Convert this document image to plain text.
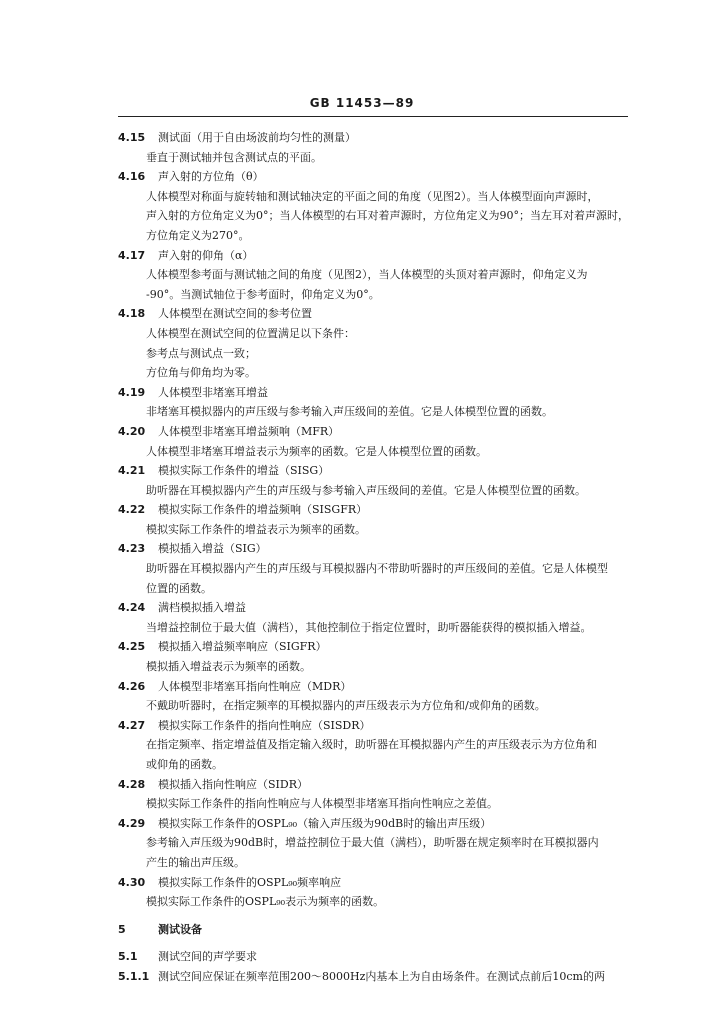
GB 11453—89
4.15 测试面（用于自由场波前均匀性的测量）
垂直于测试轴并包含测试点的平面。
4.16 声入射的方位角（θ）
人体模型对称面与旋转轴和测试轴决定的平面之间的角度（见图2）。当人体模型面向声源时，
声入射的方位角定义为0°；当人体模型的右耳对着声源时，方位角定义为90°；当左耳对着声源时，
方位角定义为270°。
4.17 声入射的仰角（α）
人体模型参考面与测试轴之间的角度（见图2），当人体模型的头顶对着声源时，仰角定义为
-90°。当测试轴位于参考面时，仰角定义为0°。
4.18 人体模型在测试空间的参考位置
人体模型在测试空间的位置满足以下条件：
参考点与测试点一致；
方位角与仰角均为零。
4.19 人体模型非堵塞耳增益
非堵塞耳模拟器内的声压级与参考输入声压级间的差值。它是人体模型位置的函数。
4.20 人体模型非堵塞耳增益频响（MFR）
人体模型非堵塞耳增益表示为频率的函数。它是人体模型位置的函数。
4.21 模拟实际工作条件的增益（SISG）
助听器在耳模拟器内产生的声压级与参考输入声压级间的差值。它是人体模型位置的函数。
4.22 模拟实际工作条件的增益频响（SISGFR）
模拟实际工作条件的增益表示为频率的函数。
4.23 模拟插入增益（SIG）
助听器在耳模拟器内产生的声压级与耳模拟器内不带助听器时的声压级间的差值。它是人体模型
位置的函数。
4.24 满档模拟插入增益
当增益控制位于最大值（满档），其他控制位于指定位置时，助听器能获得的模拟插入增益。
4.25 模拟插入增益频率响应（SIGFR）
模拟插入增益表示为频率的函数。
4.26 人体模型非堵塞耳指向性响应（MDR）
不戴助听器时，在指定频率的耳模拟器内的声压级表示为方位角和/或仰角的函数。
4.27 模拟实际工作条件的指向性响应（SISDR）
在指定频率、指定增益值及指定输入级时，助听器在耳模拟器内产生的声压级表示为方位角和
或仰角的函数。
4.28 模拟插入指向性响应（SIDR）
模拟实际工作条件的指向性响应与人体模型非堵塞耳指向性响应之差值。
4.29 模拟实际工作条件的OSPL₉₀（输入声压级为90dB时的输出声压级）
参考输入声压级为90dB时，增益控制位于最大值（满档），助听器在规定频率时在耳模拟器内
产生的输出声压级。
4.30 模拟实际工作条件的OSPL₉₀频率响应
模拟实际工作条件的OSPL₉₀表示为频率的函数。
5	测试设备
5.1 测试空间的声学要求
5.1.1 测试空间应保证在频率范围200～8000Hz内基本上为自由场条件。在测试点前后10cm的两
